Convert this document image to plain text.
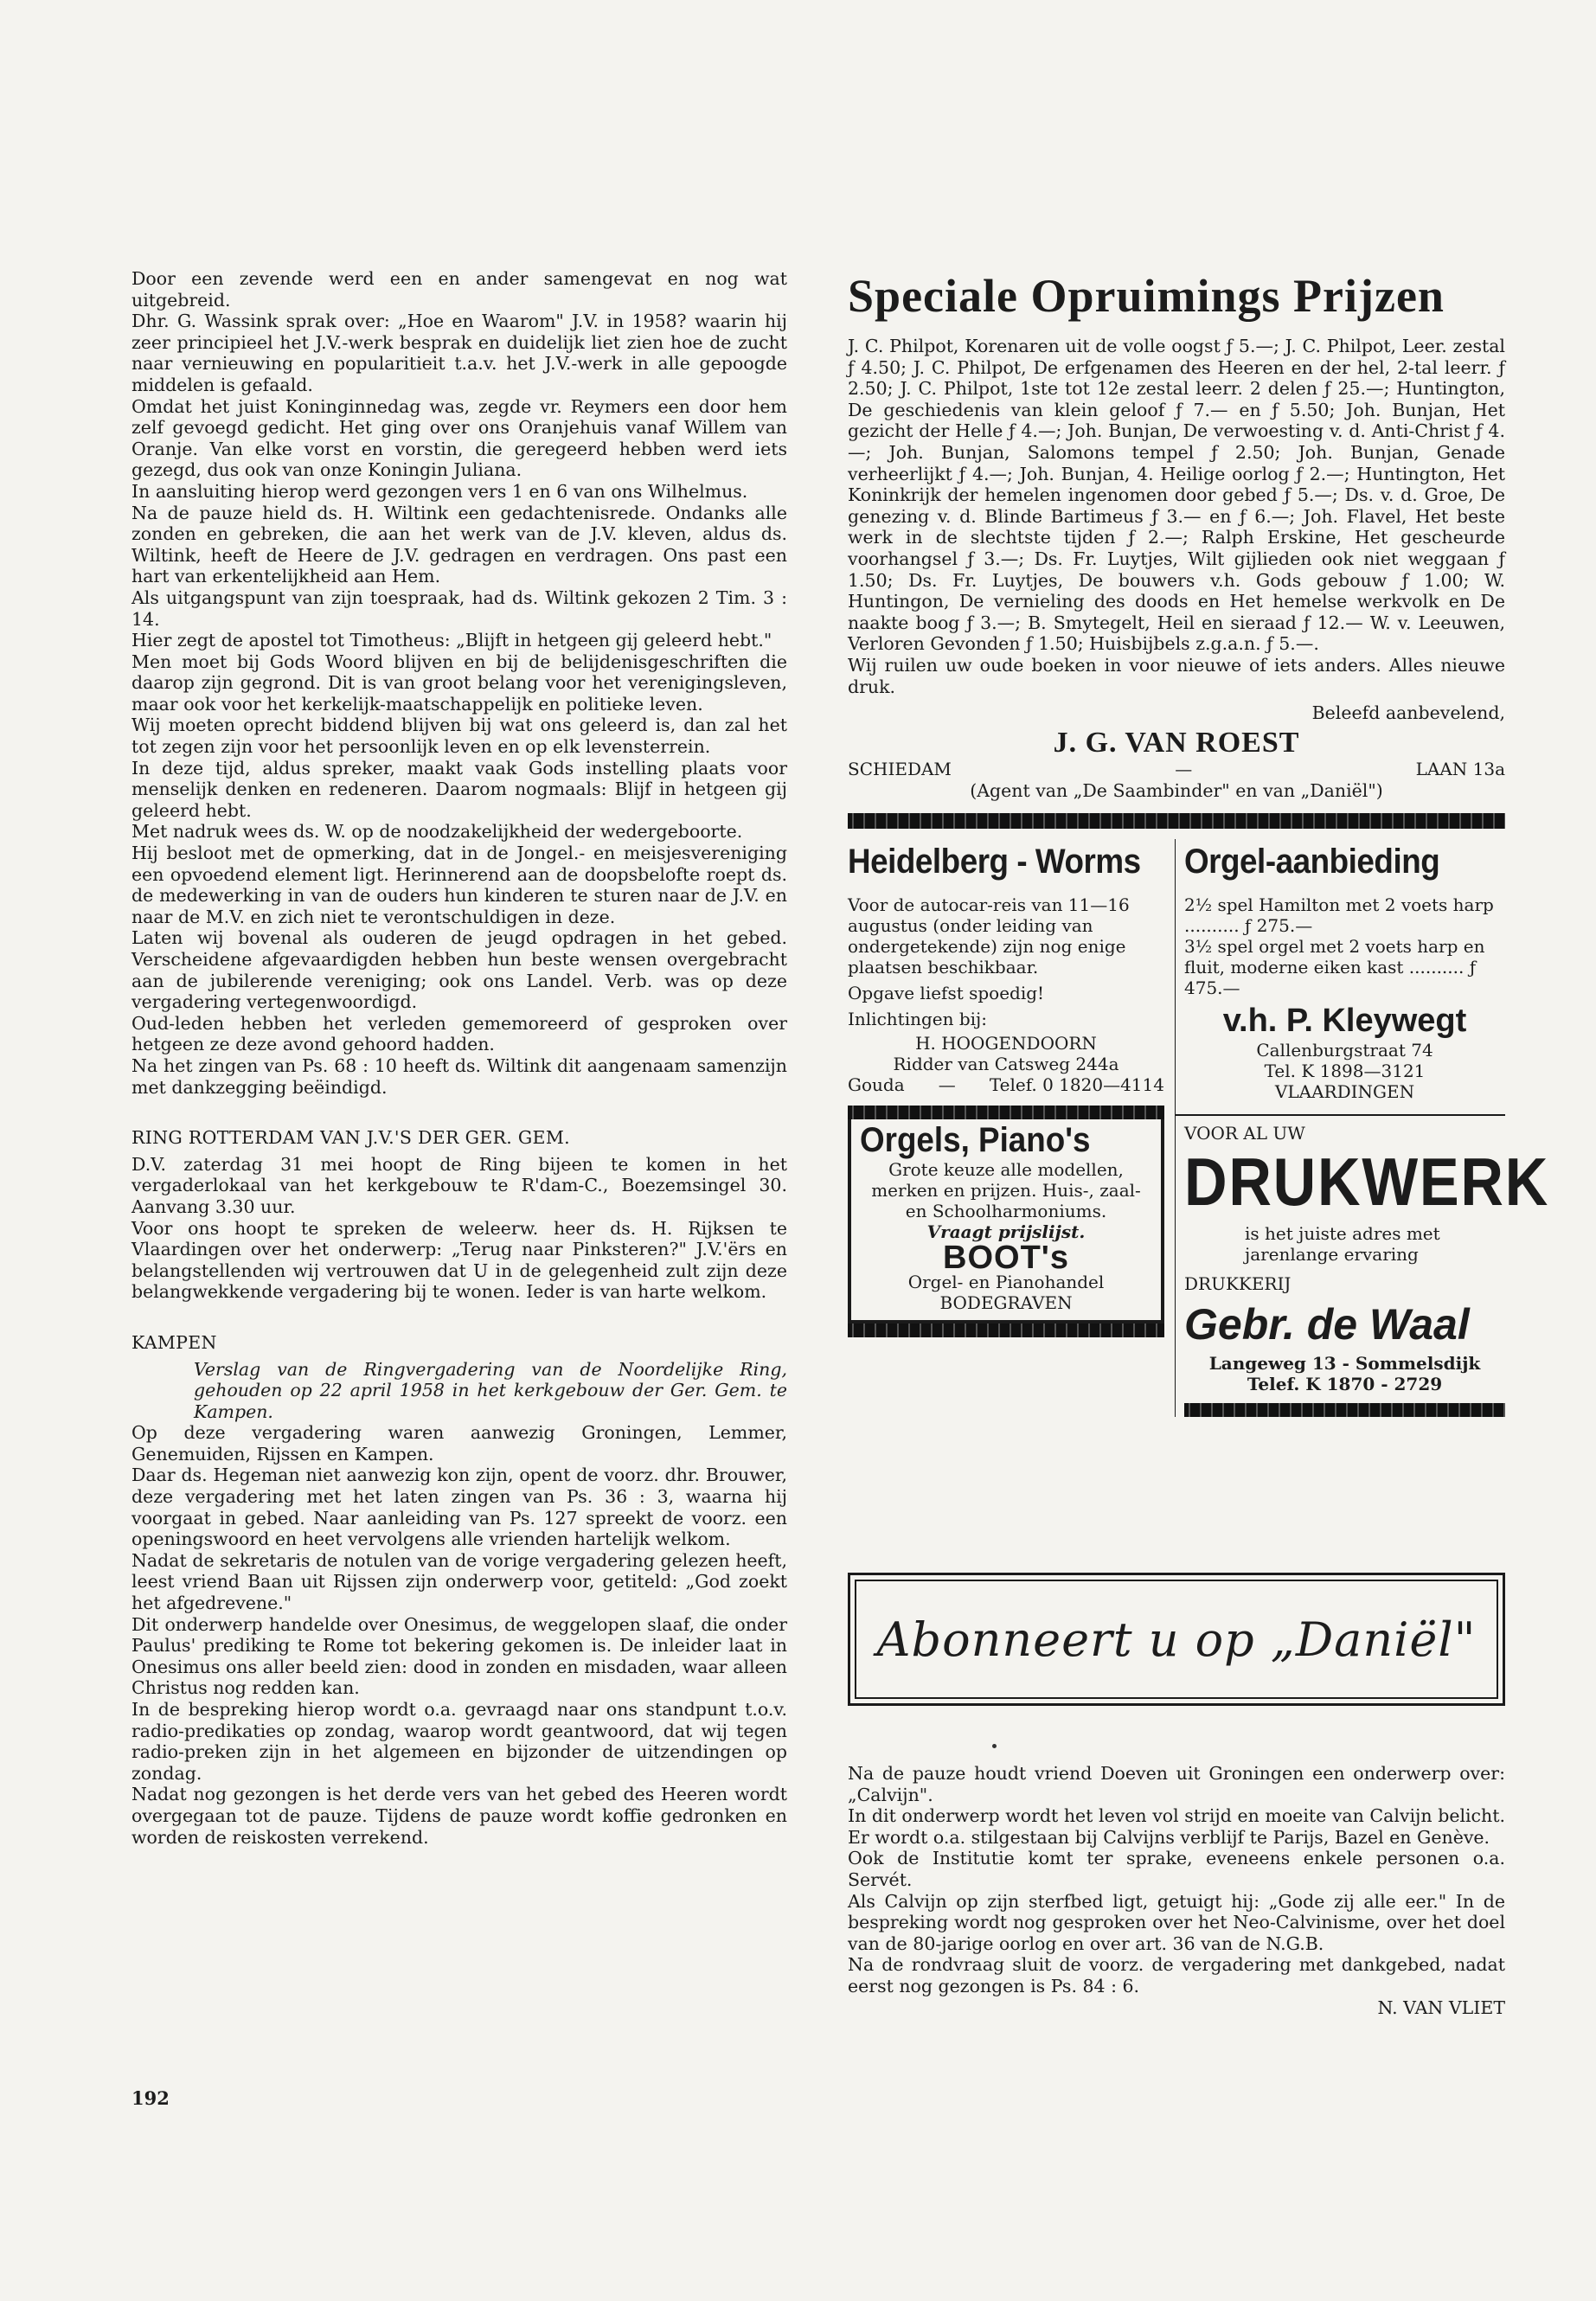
Door een zevende werd een en ander samengevat en nog wat uitgebreid.

Dhr. G. Wassink sprak over: „Hoe en Waarom" J.V. in 1958? waarin hij zeer principieel het J.V.-werk besprak en duidelijk liet zien hoe de zucht naar vernieuwing en popularitieit t.a.v. het J.V.-werk in alle gepoogde middelen is gefaald.

Omdat het juist Koninginnedag was, zegde vr. Reymers een door hem zelf gevoegd gedicht. Het ging over ons Oranjehuis vanaf Willem van Oranje. Van elke vorst en vorstin, die geregeerd hebben werd iets gezegd, dus ook van onze Koningin Juliana.

In aansluiting hierop werd gezongen vers 1 en 6 van ons Wilhelmus.

Na de pauze hield ds. H. Wiltink een gedachtenisrede. Ondanks alle zonden en gebreken, die aan het werk van de J.V. kleven, aldus ds. Wiltink, heeft de Heere de J.V. gedragen en verdragen. Ons past een hart van erkentelijkheid aan Hem.

Als uitgangspunt van zijn toespraak, had ds. Wiltink gekozen 2 Tim. 3 : 14.

Hier zegt de apostel tot Timotheus: „Blijft in hetgeen gij geleerd hebt."

Men moet bij Gods Woord blijven en bij de belijdenisgeschriften die daarop zijn gegrond. Dit is van groot belang voor het verenigingsleven, maar ook voor het kerkelijk-maatschappelijk en politieke leven.

Wij moeten oprecht biddend blijven bij wat ons geleerd is, dan zal het tot zegen zijn voor het persoonlijk leven en op elk levensterrein.

In deze tijd, aldus spreker, maakt vaak Gods instelling plaats voor menselijk denken en redeneren. Daarom nogmaals: Blijf in hetgeen gij geleerd hebt.

Met nadruk wees ds. W. op de noodzakelijkheid der wedergeboorte.

Hij besloot met de opmerking, dat in de Jongel.- en meisjesvereniging een opvoedend element ligt. Herinnerend aan de doopsbelofte roept ds. de medewerking in van de ouders hun kinderen te sturen naar de J.V. en naar de M.V. en zich niet te verontschuldigen in deze.

Laten wij bovenal als ouderen de jeugd opdragen in het gebed. Verscheidene afgevaardigden hebben hun beste wensen overgebracht aan de jubilerende vereniging; ook ons Landel. Verb. was op deze vergadering vertegenwoordigd.

Oud-leden hebben het verleden gememoreerd of gesproken over hetgeen ze deze avond gehoord hadden.

Na het zingen van Ps. 68 : 10 heeft ds. Wiltink dit aangenaam samenzijn met dankzegging beëindigd.

RING ROTTERDAM VAN J.V.'S DER GER. GEM.

D.V. zaterdag 31 mei hoopt de Ring bijeen te komen in het vergaderlokaal van het kerkgebouw te R'dam-C., Boezemsingel 30. Aanvang 3.30 uur.

Voor ons hoopt te spreken de weleerw. heer ds. H. Rijksen te Vlaardingen over het onderwerp: „Terug naar Pinksteren?" J.V.'ërs en belangstellenden wij vertrouwen dat U in de gelegenheid zult zijn deze belangwekkende vergadering bij te wonen. Ieder is van harte welkom.

KAMPEN

Verslag van de Ringvergadering van de Noordelijke Ring, gehouden op 22 april 1958 in het kerkgebouw der Ger. Gem. te Kampen.

Op deze vergadering waren aanwezig Groningen, Lemmer, Genemuiden, Rijssen en Kampen.

Daar ds. Hegeman niet aanwezig kon zijn, opent de voorz. dhr. Brouwer, deze vergadering met het laten zingen van Ps. 36 : 3, waarna hij voorgaat in gebed. Naar aanleiding van Ps. 127 spreekt de voorz. een openingswoord en heet vervolgens alle vrienden hartelijk welkom.

Nadat de sekretaris de notulen van de vorige vergadering gelezen heeft, leest vriend Baan uit Rijssen zijn onderwerp voor, getiteld: „God zoekt het afgedrevene."

Dit onderwerp handelde over Onesimus, de weggelopen slaaf, die onder Paulus' prediking te Rome tot bekering gekomen is. De inleider laat in Onesimus ons aller beeld zien: dood in zonden en misdaden, waar alleen Christus nog redden kan.

In de bespreking hierop wordt o.a. gevraagd naar ons standpunt t.o.v. radio-predikaties op zondag, waarop wordt geantwoord, dat wij tegen radio-preken zijn in het algemeen en bijzonder de uitzendingen op zondag.

Nadat nog gezongen is het derde vers van het gebed des Heeren wordt overgegaan tot de pauze. Tijdens de pauze wordt koffie gedronken en worden de reiskosten verrekend.

192
Speciale Opruimings Prijzen

J. C. Philpot, Korenaren uit de volle oogst ƒ 5.—; J. C. Philpot, Leer. zestal ƒ 4.50; J. C. Philpot, De erfgenamen des Heeren en der hel, 2-tal leerr. ƒ 2.50; J. C. Philpot, 1ste tot 12e zestal leerr. 2 delen ƒ 25.—; Huntington, De geschiedenis van klein geloof ƒ 7.— en ƒ 5.50; Joh. Bunjan, Het gezicht der Helle ƒ 4.—; Joh. Bunjan, De verwoesting v. d. Anti-Christ ƒ 4.—; Joh. Bunjan, Salomons tempel ƒ 2.50; Joh. Bunjan, Genade verheerlijkt ƒ 4.—; Joh. Bunjan, 4. Heilige oorlog ƒ 2.—; Huntington, Het Koninkrijk der hemelen ingenomen door gebed ƒ 5.—; Ds. v. d. Groe, De genezing v. d. Blinde Bartimeus ƒ 3.— en ƒ 6.—; Joh. Flavel, Het beste werk in de slechtste tijden ƒ 2.—; Ralph Erskine, Het gescheurde voorhangsel ƒ 3.—; Ds. Fr. Luytjes, Wilt gijlieden ook niet weggaan ƒ 1.50; Ds. Fr. Luytjes, De bouwers v.h. Gods gebouw ƒ 1.00; W. Huntingon, De vernieling des doods en Het hemelse werkvolk en De naakte boog ƒ 3.—; B. Smytegelt, Heil en sieraad ƒ 12.— W. v. Leeuwen, Verloren Gevonden ƒ 1.50; Huisbijbels z.g.a.n. ƒ 5.—.

Wij ruilen uw oude boeken in voor nieuwe of iets anders. Alles nieuwe druk.

Beleefd aanbevelend,

J. G. VAN ROEST
SCHIEDAM	—	LAAN 13a
(Agent van „De Saambinder" en van „Daniël")
Heidelberg - Worms

Voor de autocar-reis van 11—16 augustus (onder leiding van ondergetekende) zijn nog enige plaatsen beschikbaar.

Opgave liefst spoedig!

Inlichtingen bij:

H. HOOGENDOORN

Ridder van Catsweg 244a

Gouda — Telef. 0 1820—4114
Orgels, Piano's

Grote keuze alle modellen, merken en prijzen. Huis-, zaal- en Schoolharmoniums.

Vraagt prijslijst.

BOOT's

Orgel- en Pianohandel

BODEGRAVEN

Orgel-aanbieding

2½ spel Hamilton met 2 voets harp .......... ƒ 275.—

3½ spel orgel met 2 voets harp en fluit, moderne eiken kast .......... ƒ 475.—

v.h. P. Kleywegt

Callenburgstraat 74

Tel. K 1898—3121

VLAARDINGEN

VOOR AL UW

DRUKWERK

is het juiste adres met jarenlange ervaring

DRUKKERIJ

Gebr. de Waal

Langeweg 13 - Sommelsdijk

Telef. K 1870 - 2729

Abonneert u op „Daniël"

Na de pauze houdt vriend Doeven uit Groningen een onderwerp over: „Calvijn".

In dit onderwerp wordt het leven vol strijd en moeite van Calvijn belicht. Er wordt o.a. stilgestaan bij Calvijns verblijf te Parijs, Bazel en Genève.

Ook de Institutie komt ter sprake, eveneens enkele personen o.a. Servét.

Als Calvijn op zijn sterfbed ligt, getuigt hij: „Gode zij alle eer." In de bespreking wordt nog gesproken over het Neo-Calvinisme, over het doel van de 80-jarige oorlog en over art. 36 van de N.G.B.

Na de rondvraag sluit de voorz. de vergadering met dankgebed, nadat eerst nog gezongen is Ps. 84 : 6.

N. VAN VLIET
